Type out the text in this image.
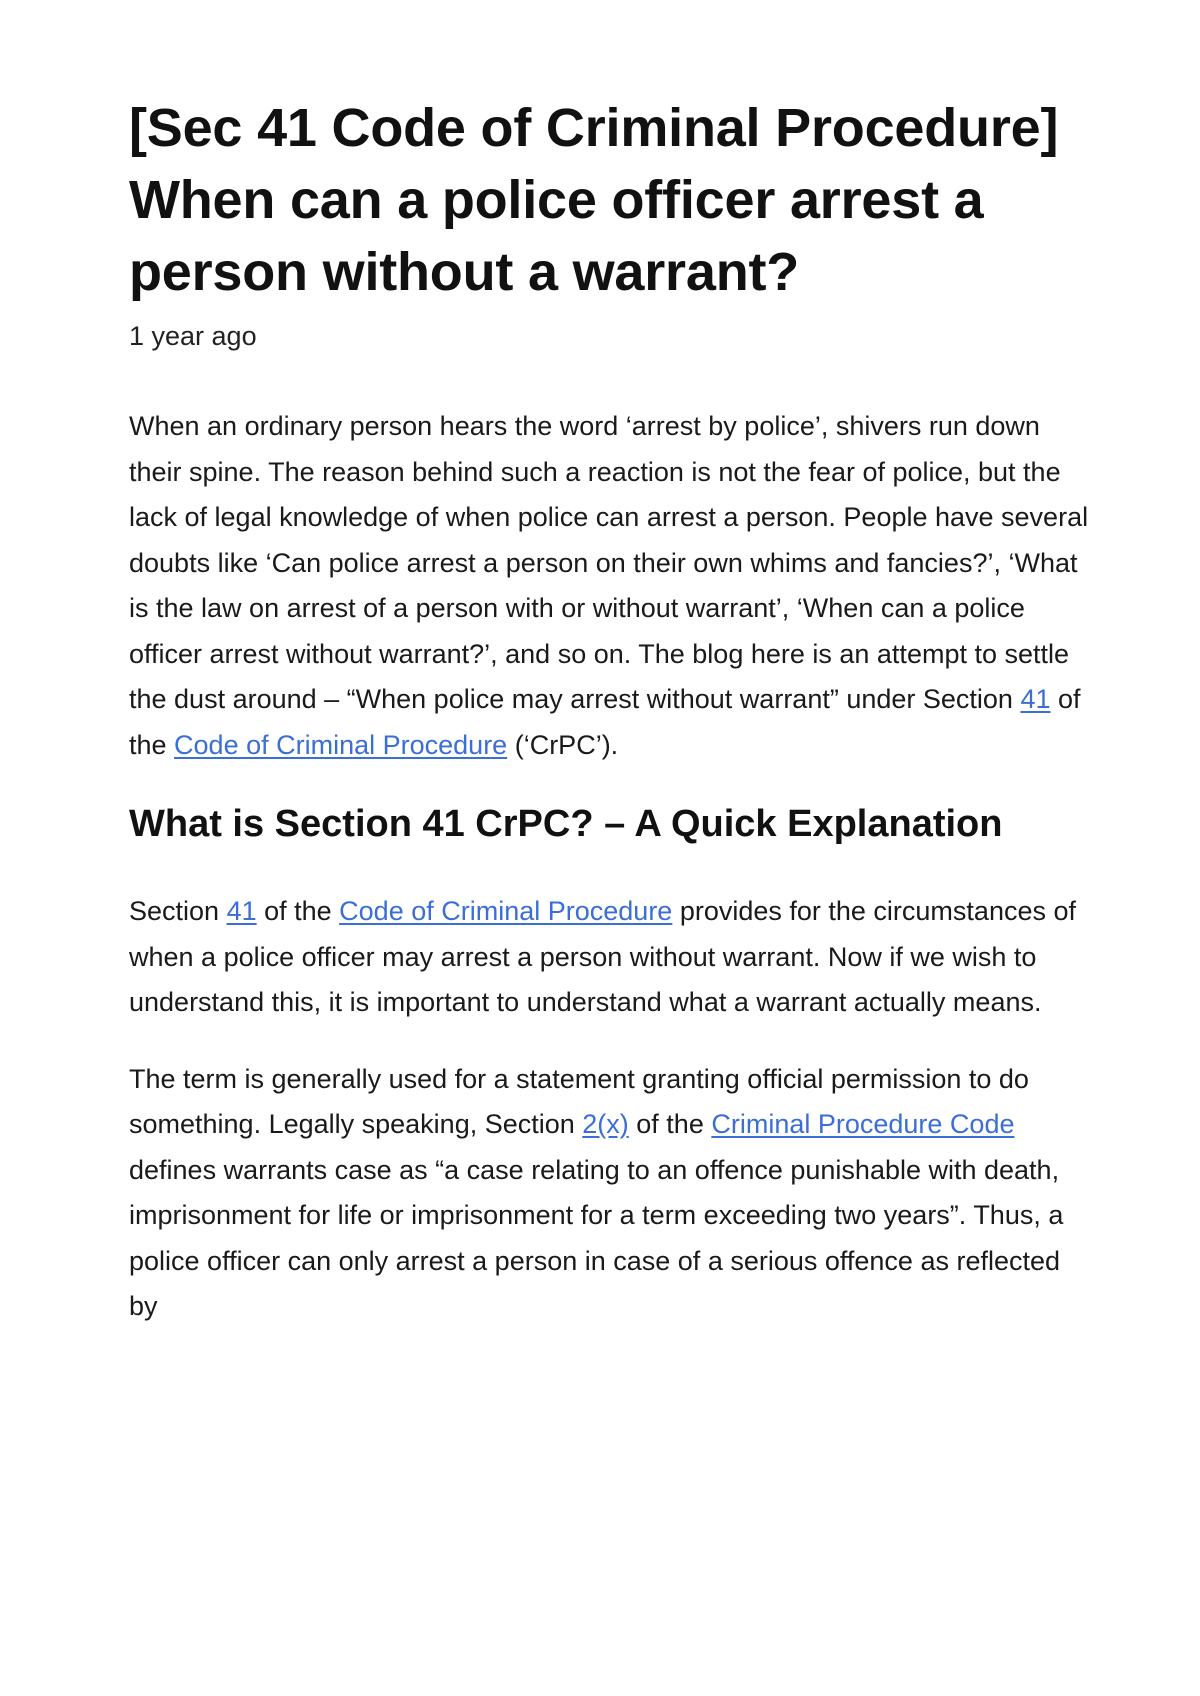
[Sec 41 Code of Criminal Procedure] When can a police officer arrest a person without a warrant?
1 year ago

When an ordinary person hears the word ‘arrest by police’, shivers run down their spine. The reason behind such a reaction is not the fear of police, but the lack of legal knowledge of when police can arrest a person. People have several doubts like ‘Can police arrest a person on their own whims and fancies?’, ‘What is the law on arrest of a person with or without warrant’, ‘When can a police officer arrest without warrant?’, and so on. The blog here is an attempt to settle the dust around – “When police may arrest without warrant” under Section 41 of the Code of Criminal Procedure (‘CrPC’).

What is Section 41 CrPC? – A Quick Explanation

Section 41 of the Code of Criminal Procedure provides for the circumstances of when a police officer may arrest a person without warrant. Now if we wish to understand this, it is important to understand what a warrant actually means.

The term is generally used for a statement granting official permission to do something. Legally speaking, Section 2(x) of the Criminal Procedure Code defines warrants case as “a case relating to an offence punishable with death, imprisonment for life or imprisonment for a term exceeding two years”. Thus, a police officer can only arrest a person in case of a serious offence as reflected by
